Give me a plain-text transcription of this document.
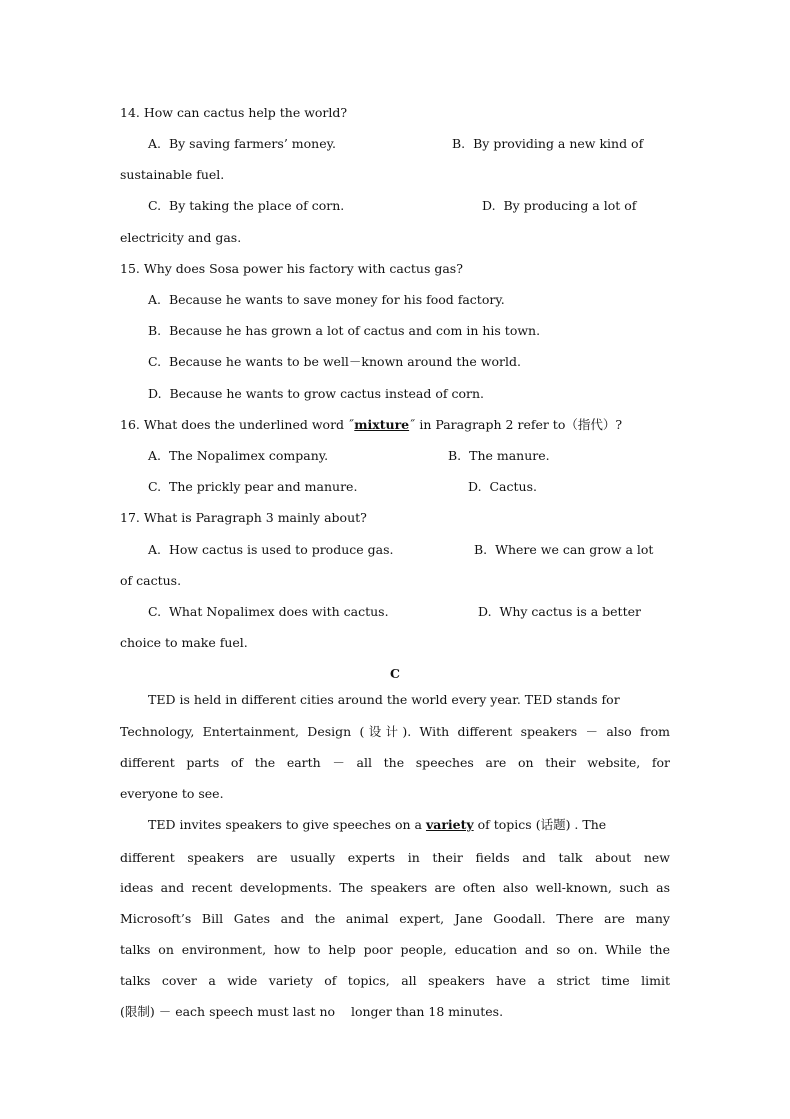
14. How can cactus help the world?
A.  By saving farmers’ money.	B.  By providing a new kind of
sustainable fuel.
C.  By taking the place of corn.	D.  By producing a lot of
electricity and gas.
15. Why does Sosa power his factory with cactus gas?
A.  Because he wants to save money for his food factory.
B.  Because he has grown a lot of cactus and com in his town.
C.  Because he wants to be well－known around the world.
D.  Because he wants to grow cactus instead of corn.
16. What does the underlined word ˝mixture˝ in Paragraph 2 refer to（指代）?
A.  The Nopalimex company.	B.  The manure.
C.  The prickly pear and manure.	D.  Cactus.
17. What is Paragraph 3 mainly about?
A.  How cactus is used to produce gas.	B.  Where we can grow a lot
of cactus.
C.  What Nopalimex does with cactus.	D.  Why cactus is a better
choice to make fuel.
C
TED is held in different cities around the world every year. TED stands for
Technology, Entertainment, Design (设计). With different speakers － also from
different parts of the earth － all the speeches are on their website, for
everyone to see.
TED invites speakers to give speeches on a variety of topics (话题) . The
different speakers are usually experts in their fields and talk about new
ideas and recent developments. The speakers are often also well-known, such as
Microsoft’s Bill Gates and the animal expert, Jane Goodall. There are many
talks on environment, how to help poor people, education and so on. While the
talks cover a wide variety of topics, all speakers have a strict time limit
(限制) － each speech must last no    longer than 18 minutes.
